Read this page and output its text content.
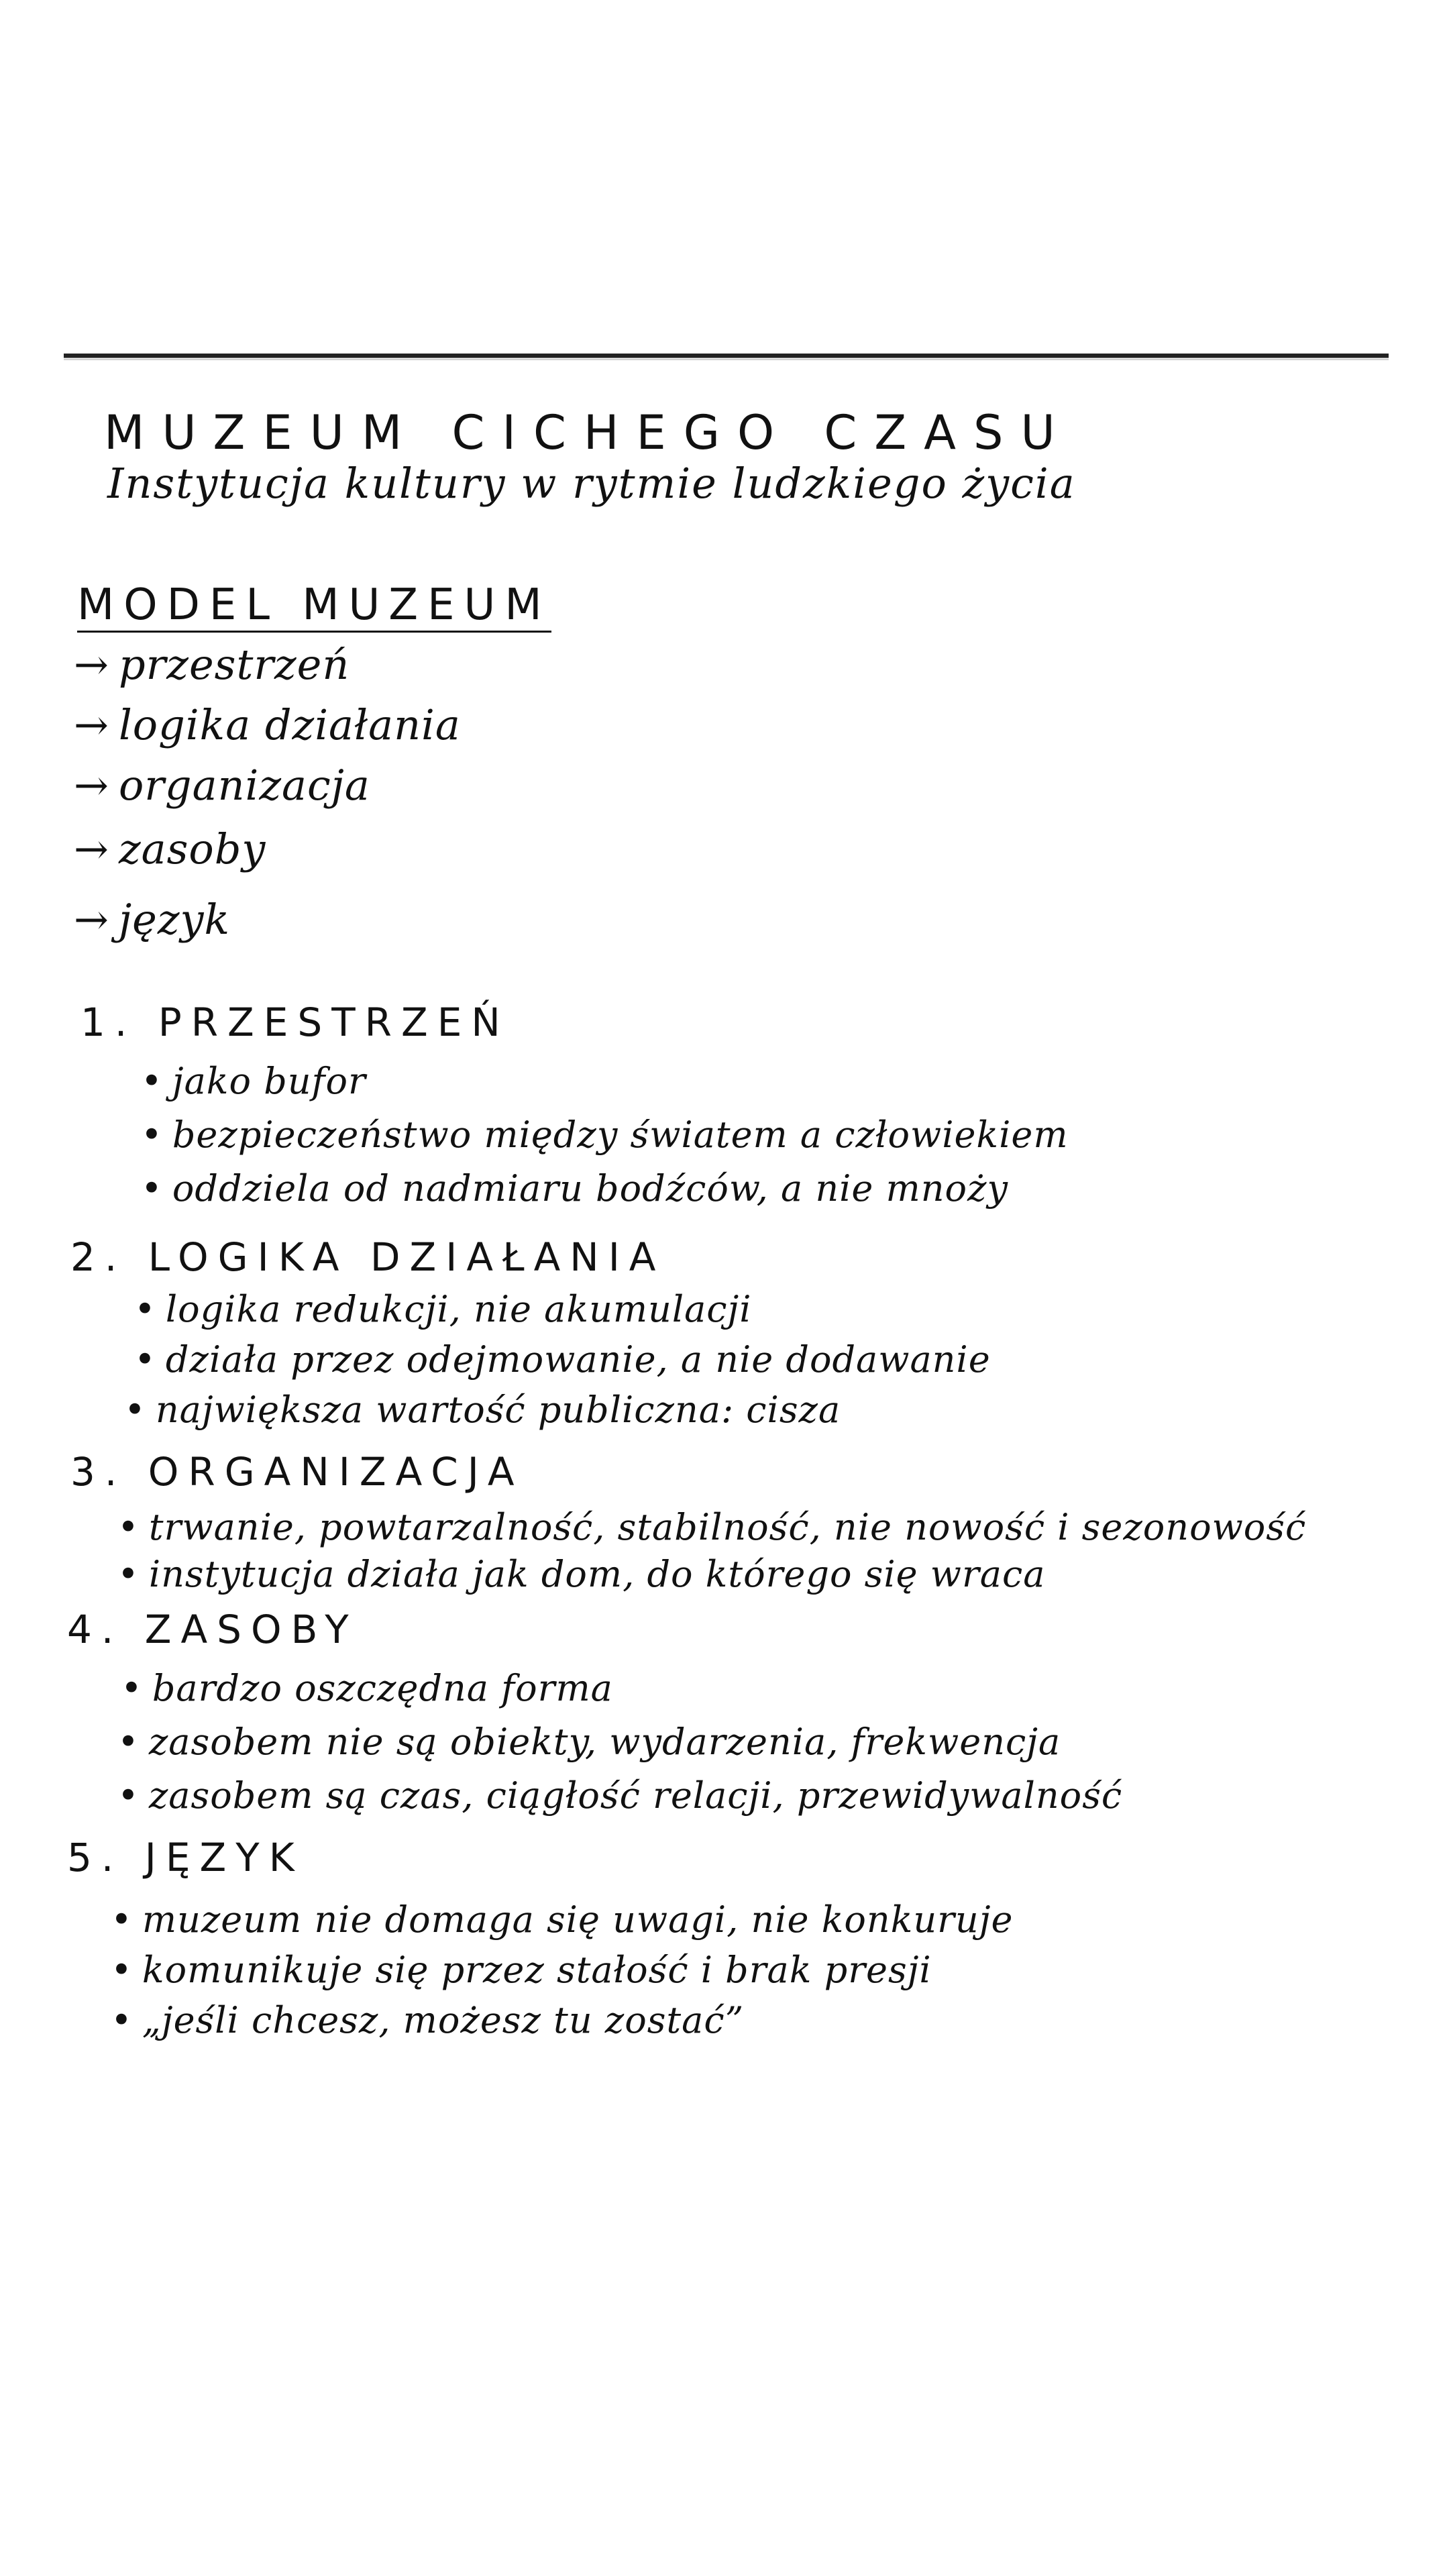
MUZEUM CICHEGO CZASU
Instytucja kultury w rytmie ludzkiego życia
MODEL MUZEUM
→ przestrzeń
→ logika działania
→ organizacja
→ zasoby
→ język
1. PRZESTRZEŃ
• jako bufor
• bezpieczeństwo między światem a człowiekiem
• oddziela od nadmiaru bodźców, a nie mnoży
2. LOGIKA DZIAŁANIA
• logika redukcji, nie akumulacji
• działa przez odejmowanie, a nie dodawanie
• największa wartość publiczna: cisza
3. ORGANIZACJA
• trwanie, powtarzalność, stabilność, nie nowość i sezonowość
• instytucja działa jak dom, do którego się wraca
4. ZASOBY
• bardzo oszczędna forma
• zasobem nie są obiekty, wydarzenia, frekwencja
• zasobem są czas, ciągłość relacji, przewidywalność
5. JĘZYK
• muzeum nie domaga się uwagi, nie konkuruje
• komunikuje się przez stałość i brak presji
• „jeśli chcesz, możesz tu zostać”
